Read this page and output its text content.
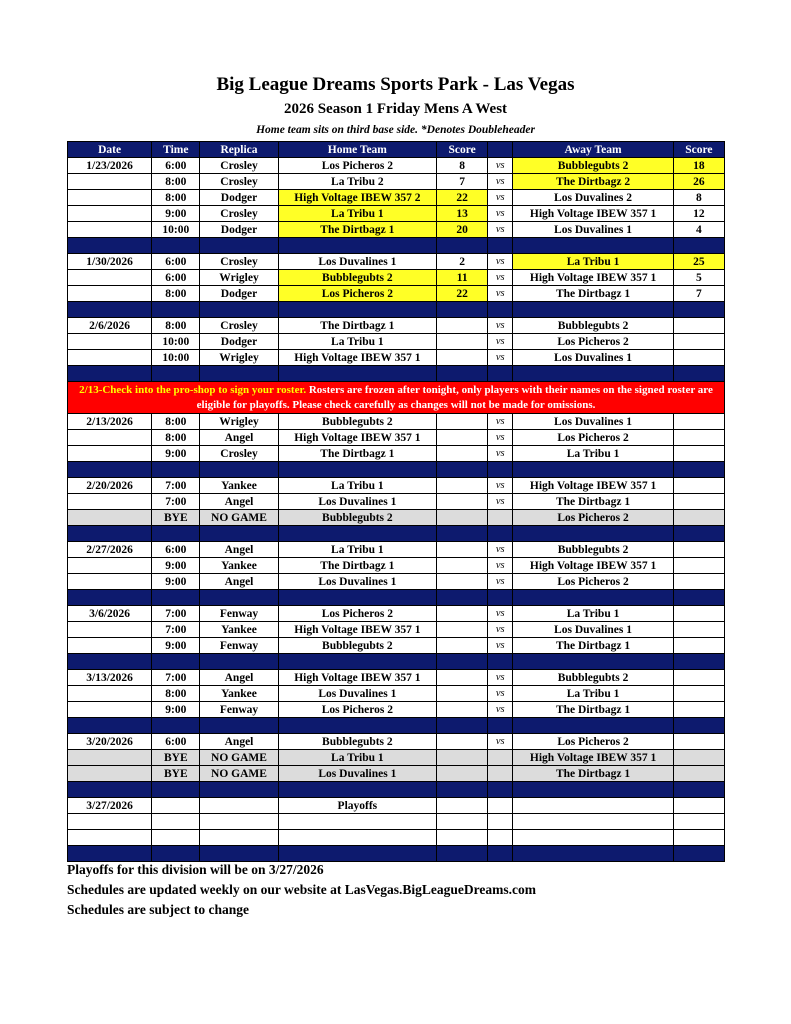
Big League Dreams Sports Park - Las Vegas
2026 Season 1 Friday Mens A West
Home team sits on third base side. *Denotes Doubleheader
Date	Time	Replica	Home Team	Score		Away Team	Score
1/23/2026	6:00	Crosley	Los Picheros 2	8	vs	Bubblegubts 2	18
	8:00	Crosley	La Tribu 2	7	vs	The Dirtbagz 2	26
	8:00	Dodger	High Voltage IBEW 357 2	22	vs	Los Duvalines 2	8
	9:00	Crosley	La Tribu 1	13	vs	High Voltage IBEW 357 1	12
	10:00	Dodger	The Dirtbagz 1	20	vs	Los Duvalines 1	4

1/30/2026	6:00	Crosley	Los Duvalines 1	2	vs	La Tribu 1	25
	6:00	Wrigley	Bubblegubts 2	11	vs	High Voltage IBEW 357 1	5
	8:00	Dodger	Los Picheros 2	22	vs	The Dirtbagz 1	7

2/6/2026	8:00	Crosley	The Dirtbagz 1		vs	Bubblegubts 2	
	10:00	Dodger	La Tribu 1		vs	Los Picheros 2	
	10:00	Wrigley	High Voltage IBEW 357 1		vs	Los Duvalines 1	

2/13-Check into the pro-shop to sign your roster. Rosters are frozen after tonight, only players with their names on the signed roster are eligible for playoffs. Please check carefully as changes will not be made for omissions.							
2/13/2026	8:00	Wrigley	Bubblegubts 2		vs	Los Duvalines 1	
	8:00	Angel	High Voltage IBEW 357 1		vs	Los Picheros 2	
	9:00	Crosley	The Dirtbagz 1		vs	La Tribu 1	

2/20/2026	7:00	Yankee	La Tribu 1		vs	High Voltage IBEW 357 1	
	7:00	Angel	Los Duvalines 1		vs	The Dirtbagz 1	
	BYE	NO GAME	Bubblegubts 2			Los Picheros 2	

2/27/2026	6:00	Angel	La Tribu 1		vs	Bubblegubts 2	
	9:00	Yankee	The Dirtbagz 1		vs	High Voltage IBEW 357 1	
	9:00	Angel	Los Duvalines 1		vs	Los Picheros 2	

3/6/2026	7:00	Fenway	Los Picheros 2		vs	La Tribu 1	
	7:00	Yankee	High Voltage IBEW 357 1		vs	Los Duvalines 1	
	9:00	Fenway	Bubblegubts 2		vs	The Dirtbagz 1	

3/13/2026	7:00	Angel	High Voltage IBEW 357 1		vs	Bubblegubts 2	
	8:00	Yankee	Los Duvalines 1		vs	La Tribu 1	
	9:00	Fenway	Los Picheros 2		vs	The Dirtbagz 1	

3/20/2026	6:00	Angel	Bubblegubts 2		vs	Los Picheros 2	
	BYE	NO GAME	La Tribu 1			High Voltage IBEW 357 1	
	BYE	NO GAME	Los Duvalines 1			The Dirtbagz 1	

3/27/2026			Playoffs				

Playoffs for this division will be on 3/27/2026
Schedules are updated weekly on our website at LasVegas.BigLeagueDreams.com
Schedules are subject to change
